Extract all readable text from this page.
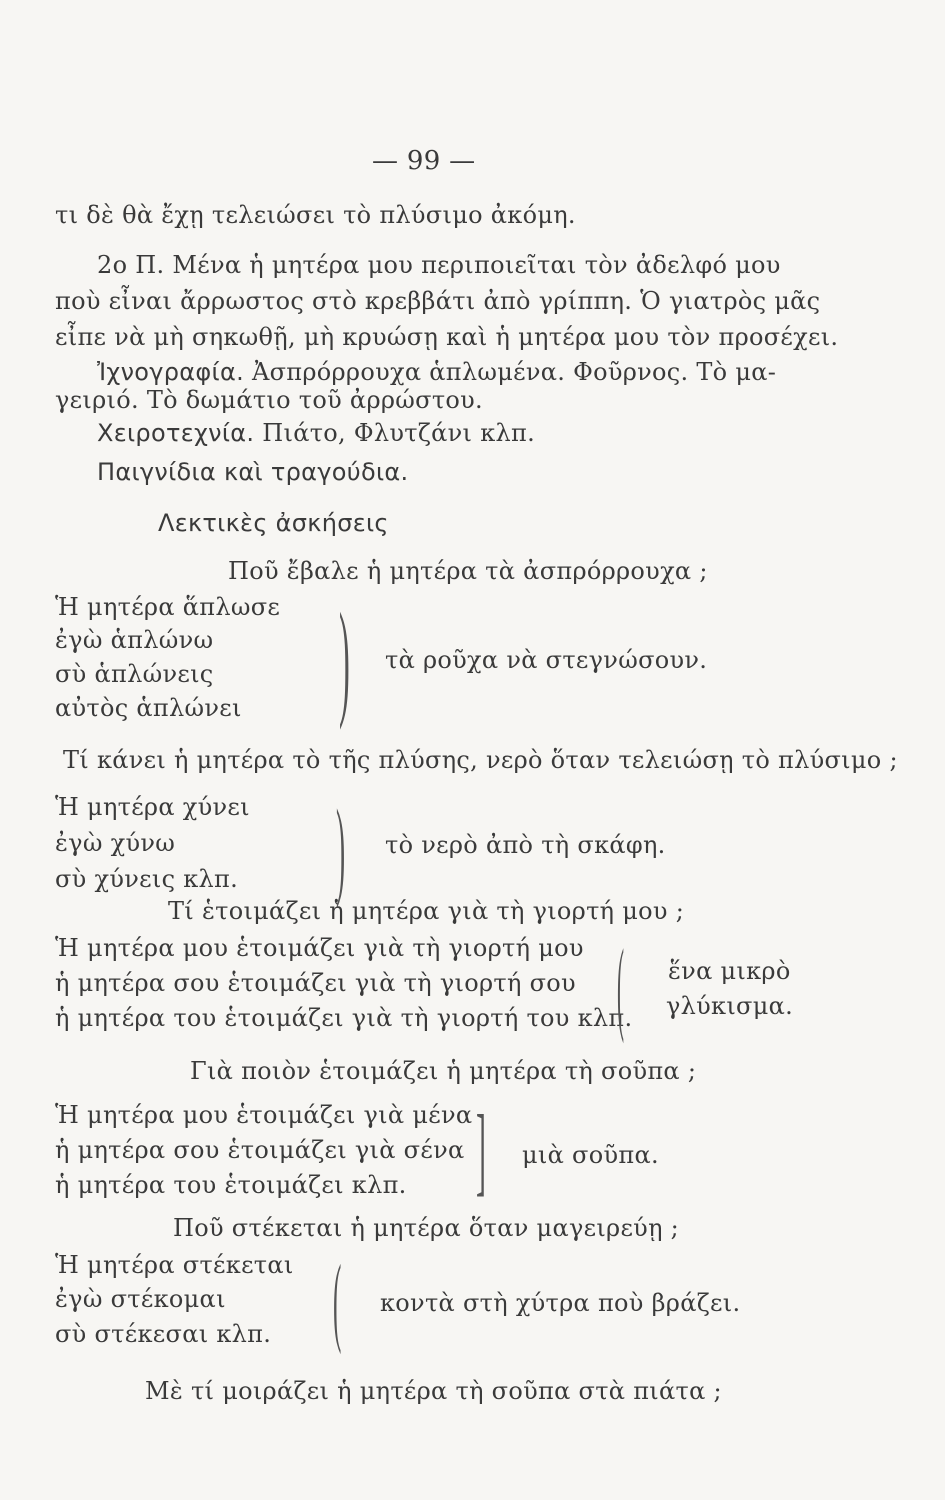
— 99 —
τι δὲ θὰ ἔχῃ τελειώσει τὸ πλύσιμο ἀκόμη.
2ο Π. Μένα ἡ μητέρα μου περιποιεῖται τὸν ἀδελφό μου
ποὺ εἶναι ἄρρωστος στὸ κρεββάτι ἀπὸ γρίππη. Ὁ γιατρὸς μᾶς
εἶπε νὰ μὴ σηκωθῇ, μὴ κρυώσῃ καὶ ἡ μητέρα μου τὸν προσέχει.
Ἰχνογραφία. Ἀσπρόρρουχα ἁπλωμένα. Φοῦρνος. Τὸ μα-
γειριό. Τὸ δωμάτιο τοῦ ἀρρώστου.
Χειροτεχνία. Πιάτο, Φλυτζάνι κλπ.
Παιγνίδια καὶ τραγούδια.
Λεκτικὲς ἀσκήσεις
Ποῦ ἔβαλε ἡ μητέρα τὰ ἀσπρόρρουχα ;
Ἡ μητέρα ἅπλωσε
ἐγὼ ἁπλώνω
σὺ ἁπλώνεις
αὐτὸς ἁπλώνει ) τὰ ροῦχα νὰ στεγνώσουν.
Τί κάνει ἡ μητέρα τὸ τῆς πλύσης, νερὸ ὅταν τελειώσῃ τὸ πλύσιμο ;
Ἡ μητέρα χύνει
ἐγὼ χύνω
σὺ χύνεις κλπ. ) τὸ νερὸ ἀπὸ τὴ σκάφη.
Τί ἑτοιμάζει ἡ μητέρα γιὰ τὴ γιορτή μου ;
Ἡ μητέρα μου ἑτοιμάζει γιὰ τὴ γιορτή μου
ἡ μητέρα σου ἑτοιμάζει γιὰ τὴ γιορτή σου
ἡ μητέρα του ἑτοιμάζει γιὰ τὴ γιορτή του κλπ.
( ἕνα μικρὸ
γλύκισμα.
Γιὰ ποιὸν ἑτοιμάζει ἡ μητέρα τὴ σοῦπα ;
Ἡ μητέρα μου ἑτοιμάζει γιὰ μένα
ἡ μητέρα σου ἑτοιμάζει γιὰ σένα
ἡ μητέρα του ἑτοιμάζει κλπ. ] μιὰ σοῦπα.
Ποῦ στέκεται ἡ μητέρα ὅταν μαγειρεύῃ ;
Ἡ μητέρα στέκεται
ἐγὼ στέκομαι
σὺ στέκεσαι κλπ. ( κοντὰ στὴ χύτρα ποὺ βράζει.
Μὲ τί μοιράζει ἡ μητέρα τὴ σοῦπα στὰ πιάτα ;
